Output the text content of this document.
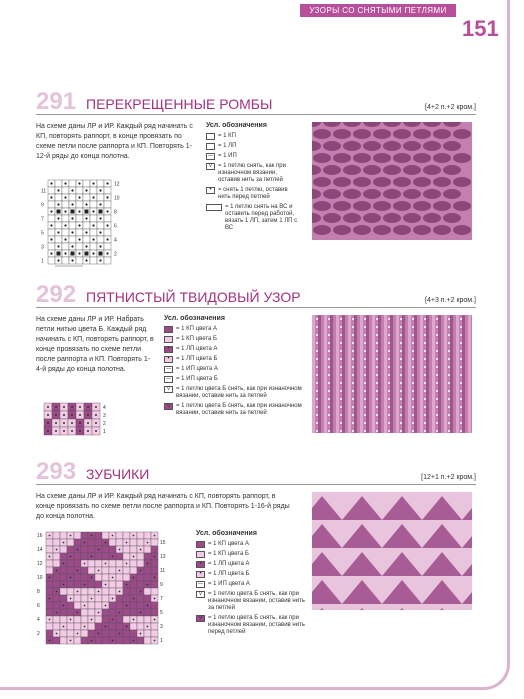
УЗОРЫ СО СНЯТЫМИ ПЕТЛЯМИ
151
291 ПЕРЕКРЕЩЕННЫЕ РОМБЫ	[4+2 п.+2 кром.]
На схеме даны ЛР и ИР. Каждый ряд начинать с КП, повторять раппорт, в конце провязать по схеме петли после раппорта и КП. Повторять 1-12-й ряды до конца полотна.
12
11
10
9
8
7
6
5
4
3
2
1
Усл. обозначения
= 1 КП
= 1 ЛП
—
= 1 ИП
V
= 1 петлю снять, как при изнаночном вязании, оставив нить за петлей
•
= снять 1 петлю, оставив нить перед петлей
= 1 петлю снять на ВС и оставить перед работой, вязать 1 ЛП, затем 1 ЛП с ВС
292 ПЯТНИСТЫЙ ТВИДОВЫЙ УЗОР	[4+3 п.+2 кром.]
На схеме даны ЛР и ИР. Набрать петли нитью цвета Б. Каждый ряд начинать с КП, повторять раппорт, в конце провязать по схеме петли после раппорта и КП. Повторять 1-4-й ряды до конца полотна.
4
3
2
1
Усл. обозначения
= 1 КП цвета А
= 1 КП цвета Б
•
= 1 ЛП цвета А
•
= 1 ЛП цвета Б
—
= 1 ИП цвета А
—
= 1 ИП цвета Б
V
= 1 петлю цвета Б снять, как при изнаночном вязании, оставив нить за петлей
V
= 1 петлю цвета Б снять, как при изнаночном вязании, оставив нить за петлей
293 ЗУБЧИКИ	[12+1 п.+2 кром.]
На схеме даны ЛР и ИР. Каждый ряд начинать с КП, повторять раппорт, в конце провязать по схеме петли после раппорта и КП. Повторять 1-16-й ряды до конца полотна.
16
14
12
10
8
6
4
2
15
13
11
9
7
5
3
1
Усл. обозначения
= 1 КП цвета А
= 1 КП цвета Б
•
= 1 ЛП цвета А
•
= 1 ЛП цвета Б
—
= 1 ИП цвета А
V
= 1 петлю цвета Б снять, как при изнаночном вязании, оставив нить за петлей
V
= 1 петлю цвета Б снять, как при изнаночном вязании, оставив нить перед петлей
